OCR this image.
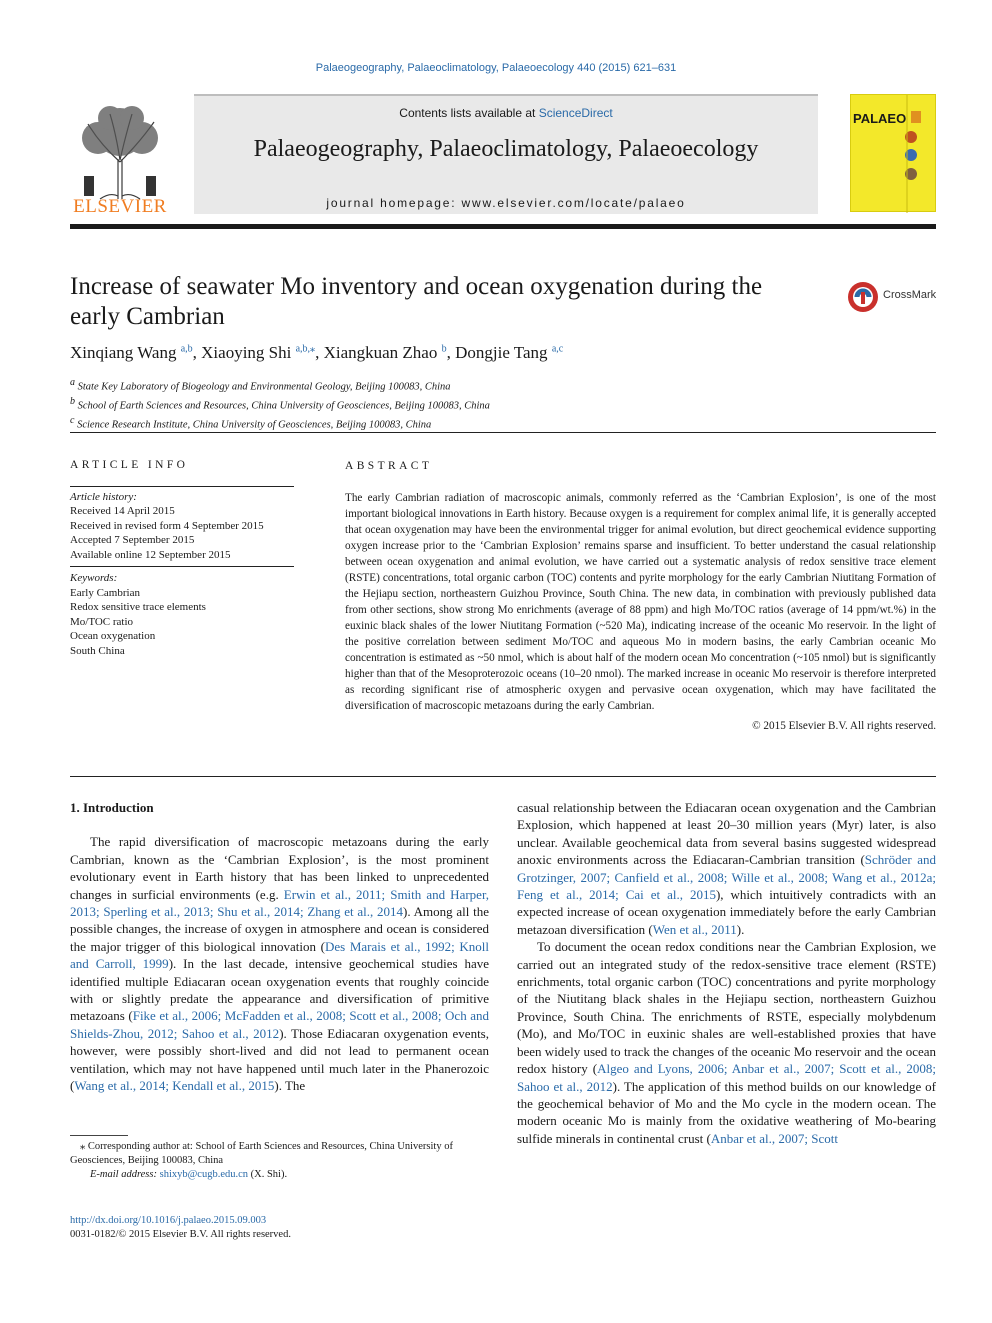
Palaeogeography, Palaeoclimatology, Palaeoecology 440 (2015) 621–631
ELSEVIER
Contents lists available at ScienceDirect
Palaeogeography, Palaeoclimatology, Palaeoecology
journal homepage: www.elsevier.com/locate/palaeo
PALAEO
Increase of seawater Mo inventory and ocean oxygenation during the early Cambrian
CrossMark
Xinqiang Wang $^{a,b}$, Xiaoying Shi $^{a,b,⁎}$, Xiangkuan Zhao $^b$, Dongjie Tang $^{a,c}$
$^a$ State Key Laboratory of Biogeology and Environmental Geology, Beijing 100083, China
$^b$ School of Earth Sciences and Resources, China University of Geosciences, Beijing 100083, China
$^c$ Science Research Institute, China University of Geosciences, Beijing 100083, China
ARTICLE INFO
Article history:
Received 14 April 2015
Received in revised form 4 September 2015
Accepted 7 September 2015
Available online 12 September 2015
Keywords:
Early Cambrian
Redox sensitive trace elements
Mo/TOC ratio
Ocean oxygenation
South China
ABSTRACT
The early Cambrian radiation of macroscopic animals, commonly referred as the ‘Cambrian Explosion’, is one of the most important biological innovations in Earth history. Because oxygen is a requirement for complex animal life, it is generally accepted that ocean oxygenation may have been the environmental trigger for animal evolution, but direct geochemical evidence supporting oxygen increase prior to the ‘Cambrian Explosion’ remains sparse and insufficient. To better understand the casual relationship between ocean oxygenation and animal evolution, we have carried out a systematic analysis of redox sensitive trace element (RSTE) concentrations, total organic carbon (TOC) contents and pyrite morphology for the early Cambrian Niutitang Formation of the Hejiapu section, northeastern Guizhou Province, South China. The new data, in combination with previously published data from other sections, show strong Mo enrichments (average of 88 ppm) and high Mo/TOC ratios (average of 14 ppm/wt.%) in the euxinic black shales of the lower Niutitang Formation (~520 Ma), indicating increase of the oceanic Mo reservoir. In the light of the positive correlation between sediment Mo/TOC and aqueous Mo in modern basins, the early Cambrian oceanic Mo concentration is estimated as ~50 nmol, which is about half of the modern ocean Mo concentration (~105 nmol) but is significantly higher than that of the Mesoproterozoic oceans (10–20 nmol). The marked increase in oceanic Mo reservoir is therefore interpreted as recording significant rise of atmospheric oxygen and pervasive ocean oxygenation, which may have facilitated the diversification of macroscopic metazoans during the early Cambrian.
© 2015 Elsevier B.V. All rights reserved.
1. Introduction
The rapid diversification of macroscopic metazoans during the early Cambrian, known as the ‘Cambrian Explosion’, is the most prominent evolutionary event in Earth history that has been linked to unprecedented changes in surficial environments (e.g. Erwin et al., 2011; Smith and Harper, 2013; Sperling et al., 2013; Shu et al., 2014; Zhang et al., 2014). Among all the possible changes, the increase of oxygen in atmosphere and ocean is considered the major trigger of this biological innovation (Des Marais et al., 1992; Knoll and Carroll, 1999). In the last decade, intensive geochemical studies have identified multiple Ediacaran ocean oxygenation events that roughly coincide with or slightly predate the appearance and diversification of primitive metazoans (Fike et al., 2006; McFadden et al., 2008; Scott et al., 2008; Och and Shields-Zhou, 2012; Sahoo et al., 2012). Those Ediacaran oxygenation events, however, were possibly short-lived and did not lead to permanent ocean ventilation, which may not have happened until much later in the Phanerozoic (Wang et al., 2014; Kendall et al., 2015). The
casual relationship between the Ediacaran ocean oxygenation and the Cambrian Explosion, which happened at least 20–30 million years (Myr) later, is also unclear. Available geochemical data from several basins suggested widespread anoxic environments across the Ediacaran-Cambrian transition (Schröder and Grotzinger, 2007; Canfield et al., 2008; Wille et al., 2008; Wang et al., 2012a; Feng et al., 2014; Cai et al., 2015), which intuitively contradicts with an expected increase of ocean oxygenation immediately before the early Cambrian metazoan diversification (Wen et al., 2011).
To document the ocean redox conditions near the Cambrian Explosion, we carried out an integrated study of the redox-sensitive trace element (RSTE) enrichments, total organic carbon (TOC) concentrations and pyrite morphology of the Niutitang black shales in the Hejiapu section, northeastern Guizhou Province, South China. The enrichments of RSTE, especially molybdenum (Mo), and Mo/TOC in euxinic shales are well-established proxies that have been widely used to track the changes of the oceanic Mo reservoir and the ocean redox history (Algeo and Lyons, 2006; Anbar et al., 2007; Scott et al., 2008; Sahoo et al., 2012). The application of this method builds on our knowledge of the geochemical behavior of Mo and the Mo cycle in the modern ocean. The modern oceanic Mo is mainly from the oxidative weathering of Mo-bearing sulfide minerals in continental crust (Anbar et al., 2007; Scott
⁎ Corresponding author at: School of Earth Sciences and Resources, China University of Geosciences, Beijing 100083, China
E-mail address: shixyb@cugb.edu.cn (X. Shi).
http://dx.doi.org/10.1016/j.palaeo.2015.09.003
0031-0182/© 2015 Elsevier B.V. All rights reserved.
